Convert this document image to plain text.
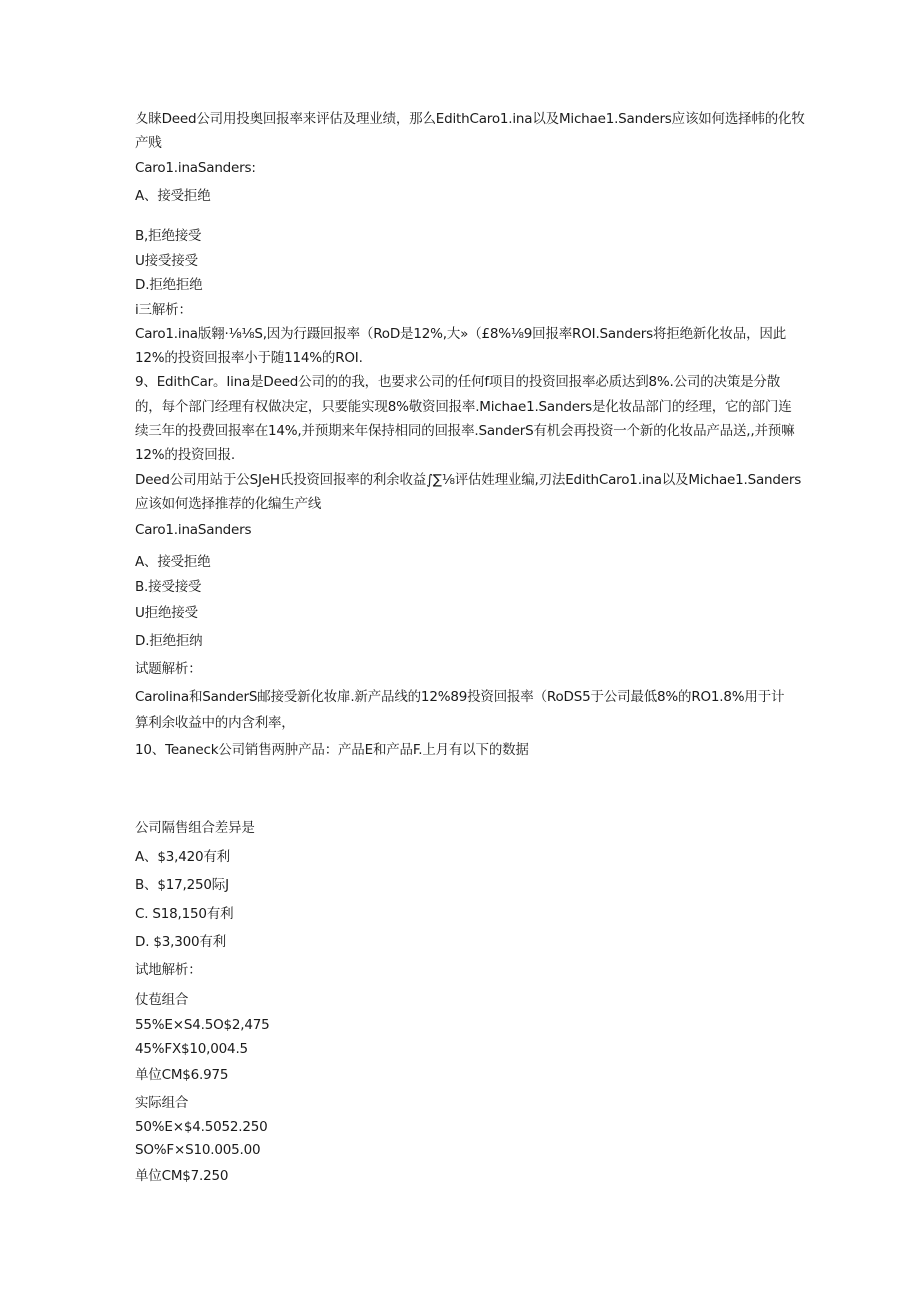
夊睐Deed公司用投奥回报率来评估及理业绩，那么EdithCaro1.ina以及Michae1.Sanders应该如何选择帏的化牧
产贱
Caro1.inaSanders:
A、接受拒绝
B,拒绝接受
U接受接受
D.拒绝拒绝
i三解析：
Caro1.ina版翱·⅛⅛S,因为行蹑回报率（RoD是12%,大»（£8%⅛9回报率ROI.Sanders将拒绝新化妆品，因此
12%的投资回报率小于随114%的ROI.
9、EdithCar。Iina是Deed公司的的我，也要求公司的任何f项目的投资回报率必质达到8%.公司的决策是分散
的，每个部门经理有权做决定，只要能实现8%敬资回报率.Michae1.Sanders是化妆品部门的经理，它的部门连
续三年的投费回报率在14%,并预期来年保持相同的回报率.SanderS有机会再投资一个新的化妆品产品送,,并预嘛
12%的投资回报.
Deed公司用站于公SJeH氏投资回报率的利余收益∫∑⅛评估姓理业编,刃法EdithCaro1.ina以及Michae1.Sanders
应该如何选择推荐的化编生产线
Caro1.inaSanders
A、接受拒绝
B.接受接受
U拒绝接受
D.拒绝拒纳
试题解析：
Carolina和SanderS邮接受新化妆扉.新产品线的12%89投资回报率（RoDS5于公司最低8%的RO1.8%用于计
算利余收益中的内含利率，
10、Teaneck公司销售两肿产品：产品E和产品F.上月有以下的数据
公司隔售组合差异是
A、$3,420有利
B、$17,250际J
C. S18,150有利
D. $3,300有利
试地解析：
仗苞组合
55%E×S4.5O$2,475
45%FX$10,004.5
单位CM$6.975
实际组合
50%E×$4.5052.250
SO%F×S10.005.00
单位CM$7.250
